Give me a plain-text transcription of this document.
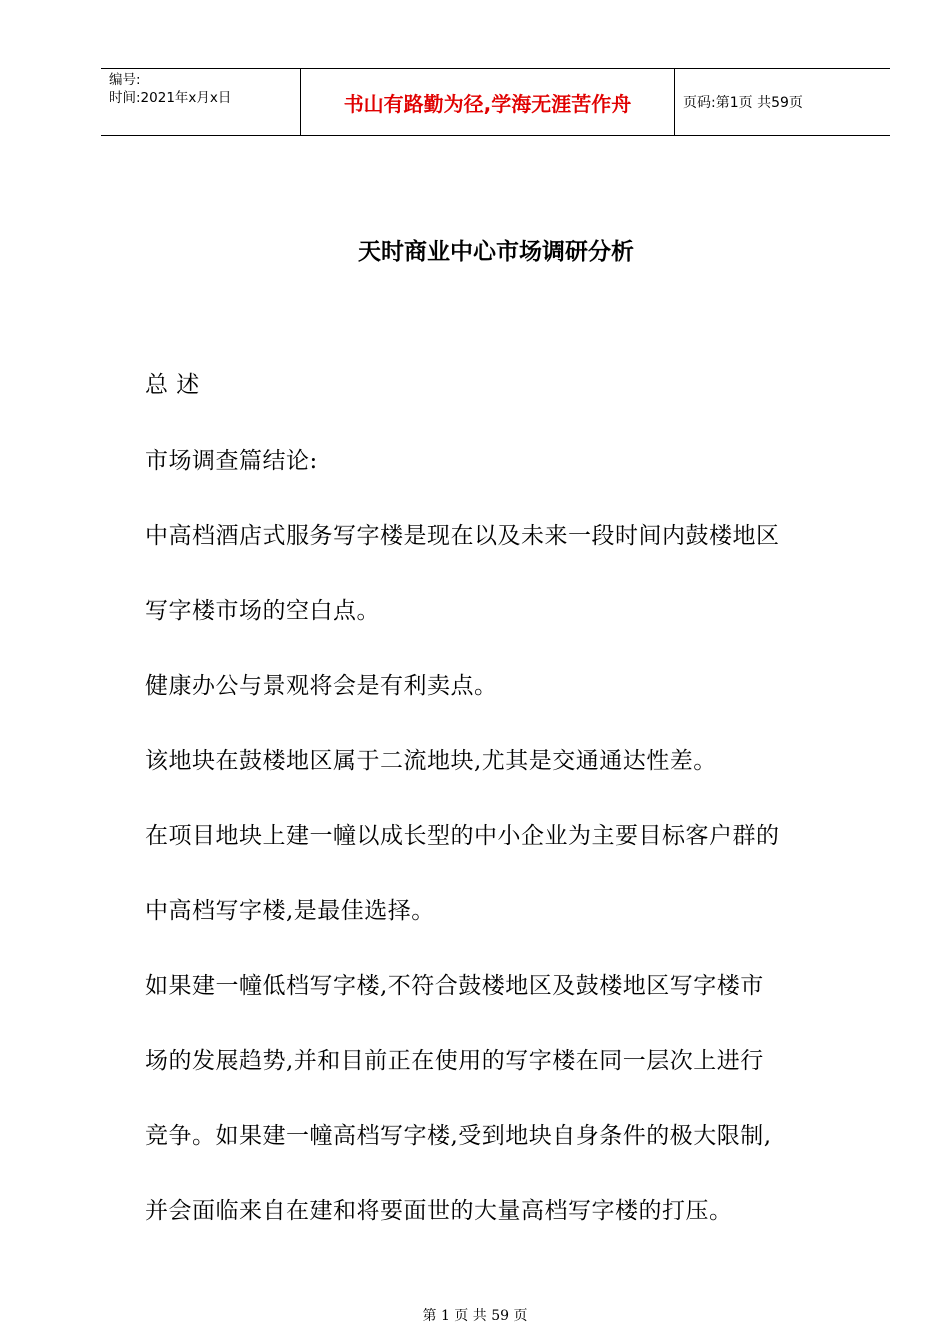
编号:
时间:2021年x月x日	书山有路勤为径,学海无涯苦作舟	页码:第1页 共59页
天时商业中心市场调研分析
总 述
市场调查篇结论:
中高档酒店式服务写字楼是现在以及未来一段时间内鼓楼地区
写字楼市场的空白点。
健康办公与景观将会是有利卖点。
该地块在鼓楼地区属于二流地块,尤其是交通通达性差。
在项目地块上建一幢以成长型的中小企业为主要目标客户群的
中高档写字楼,是最佳选择。
如果建一幢低档写字楼,不符合鼓楼地区及鼓楼地区写字楼市
场的发展趋势,并和目前正在使用的写字楼在同一层次上进行
竞争。如果建一幢高档写字楼,受到地块自身条件的极大限制,
并会面临来自在建和将要面世的大量高档写字楼的打压。
第 1 页 共 59 页
